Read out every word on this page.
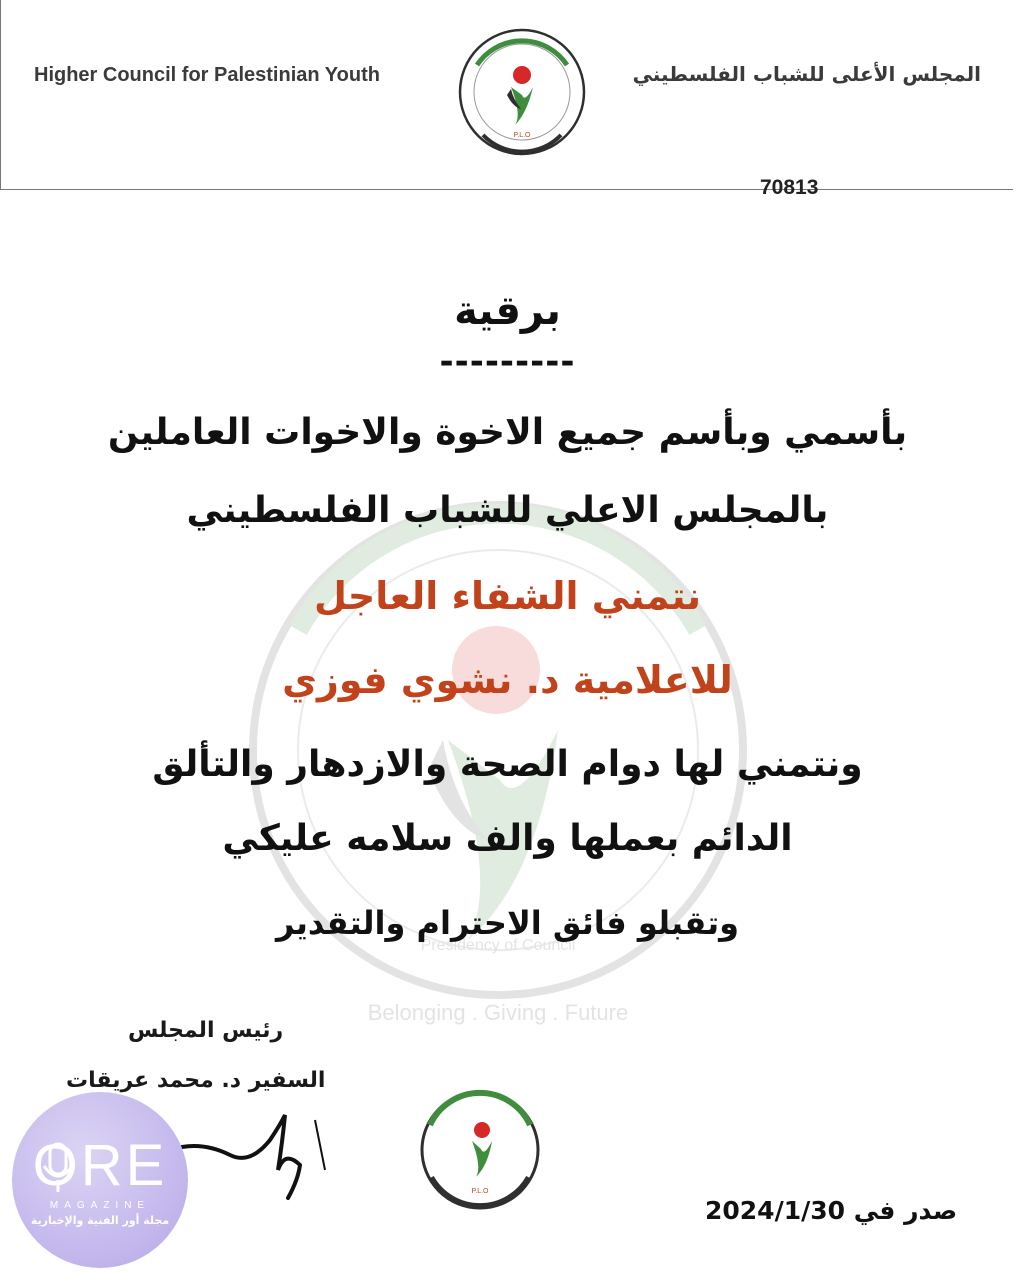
Higher Council for Palestinian Youth	المجلس الأعلى للشباب الفلسطيني
P.L.O
70813
Belonging . Giving . Future
Presidency of Council
برقية
---------
بأسمي وبأسم جميع الاخوة والاخوات العاملين
بالمجلس الاعلي للشباب الفلسطيني
نتمني الشفاء العاجل
للاعلامية د. نشوي فوزي
ونتمني لها دوام الصحة والازدهار والتألق
الدائم بعملها والف سلامه عليكي
وتقبلو فائق الاحترام والتقدير
رئيس المجلس
السفير د. محمد عريقات
P.L.O
صدر في 2024/1/30
ORE
MAGAZINE
مجلة أور الفنية والإخبارية
